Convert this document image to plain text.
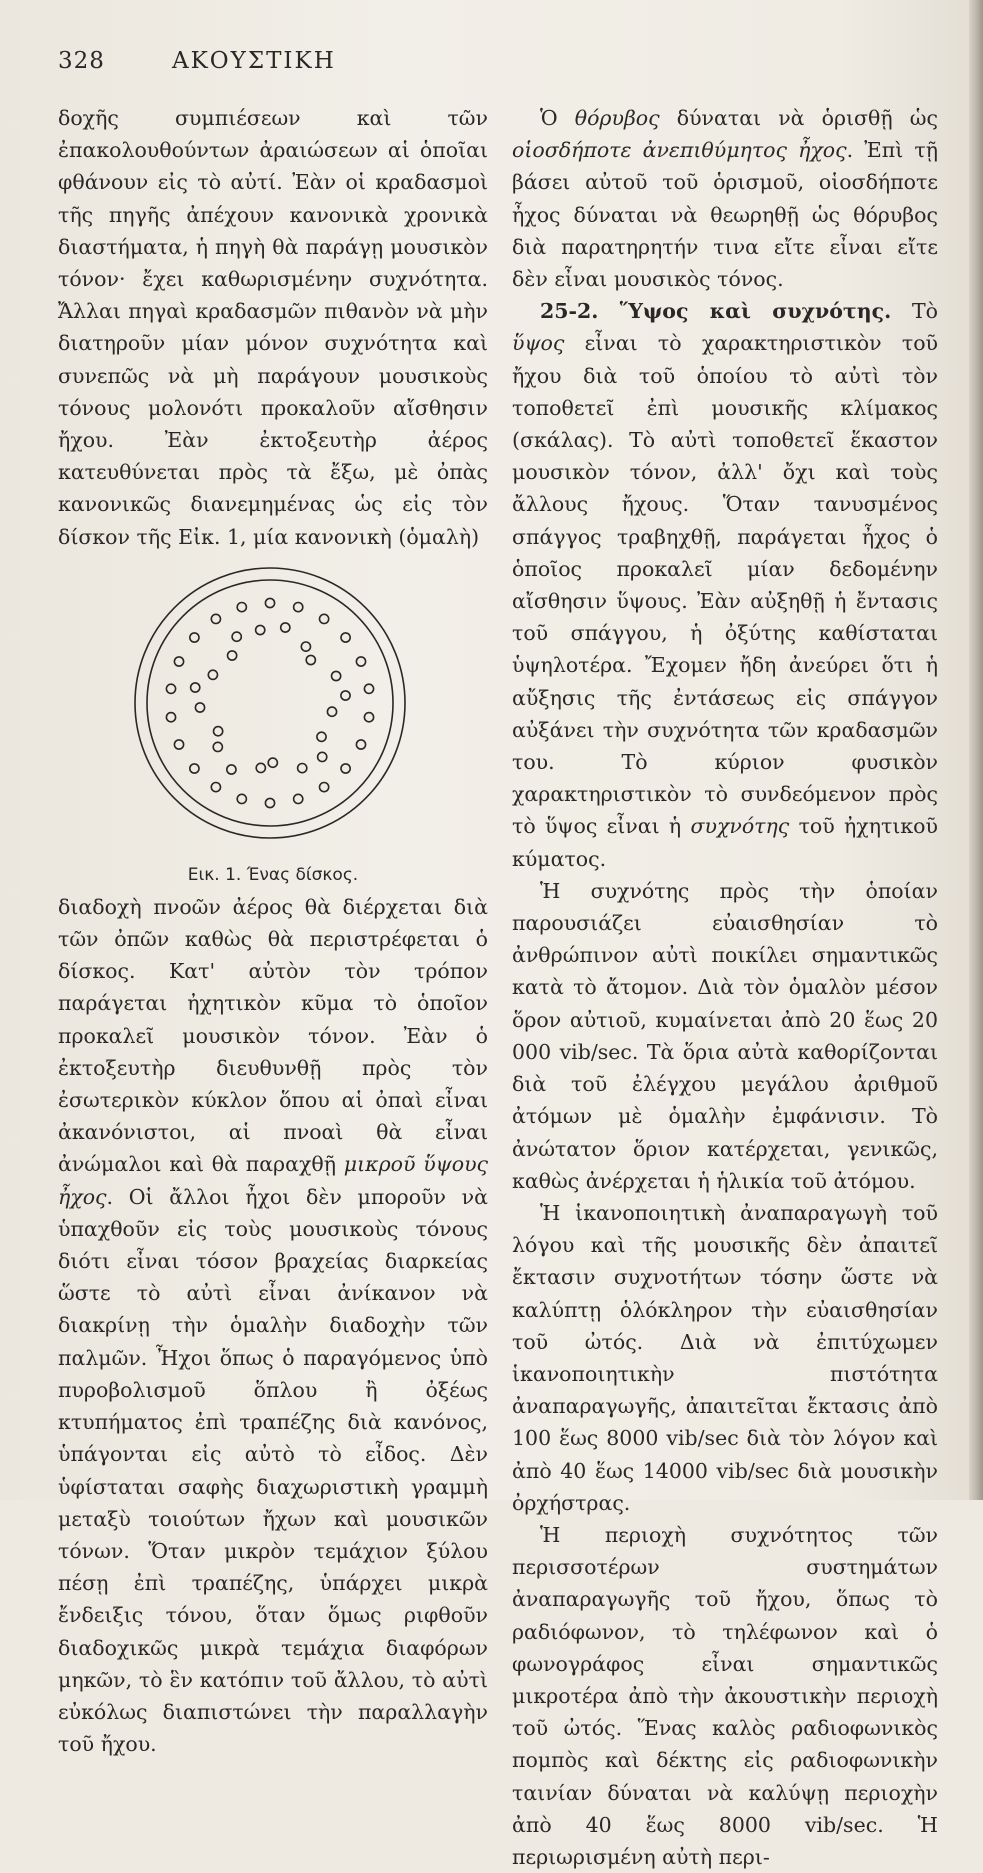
328	ΑΚΟΥΣΤΙΚΗ

δοχῆς συμπιέσεων καὶ τῶν ἐπακολουθούντων ἀραιώσεων αἱ ὁποῖαι φθάνουν εἰς τὸ αὐτί. Ἐὰν οἱ κραδασμοὶ τῆς πηγῆς ἀπέχουν κανονικὰ χρονικὰ διαστήματα, ἡ πηγὴ θὰ παράγῃ μουσικὸν τόνον· ἔχει καθωρισμένην συχνότητα. Ἄλλαι πηγαὶ κραδασμῶν πιθανὸν νὰ μὴν διατηροῦν μίαν μόνον συχνότητα καὶ συνεπῶς νὰ μὴ παράγουν μουσικοὺς τόνους μολονότι προκαλοῦν αἴσθησιν ἤχου. Ἐὰν ἐκτοξευτὴρ ἀέρος κατευθύνεται πρὸς τὰ ἔξω, μὲ ὀπὰς κανονικῶς διανεμημένας ὡς εἰς τὸν δίσκον τῆς Εἰκ. 1, μία κανονικὴ (ὁμαλὴ)

Εικ. 1. Ένας δίσκος.

διαδοχὴ πνοῶν ἀέρος θὰ διέρχεται διὰ τῶν ὀπῶν καθὼς θὰ περιστρέφεται ὁ δίσκος. Κατ' αὐτὸν τὸν τρόπον παράγεται ἠχητικὸν κῦμα τὸ ὁποῖον προκαλεῖ μουσικὸν τόνον. Ἐὰν ὁ ἐκτοξευτὴρ διευθυνθῇ πρὸς τὸν ἐσωτερικὸν κύκλον ὅπου αἱ ὀπαὶ εἶναι ἀκανόνιστοι, αἱ πνοαὶ θὰ εἶναι ἀνώμαλοι καὶ θὰ παραχθῇ μικροῦ ὕψους ἦχος. Οἱ ἄλλοι ἦχοι δὲν μποροῦν νὰ ὑπαχθοῦν εἰς τοὺς μουσικοὺς τόνους διότι εἶναι τόσον βραχείας διαρκείας ὥστε τὸ αὐτὶ εἶναι ἀνίκανον νὰ διακρίνῃ τὴν ὁμαλὴν διαδοχὴν τῶν παλμῶν. Ἦχοι ὅπως ὁ παραγόμενος ὑπὸ πυροβολισμοῦ ὅπλου ἢ ὀξέως κτυπήματος ἐπὶ τραπέζης διὰ κανόνος, ὑπάγονται εἰς αὐτὸ τὸ εἶδος. Δὲν ὑφίσταται σαφὴς διαχωριστικὴ γραμμὴ μεταξὺ τοιούτων ἤχων καὶ μουσικῶν τόνων. Ὅταν μικρὸν τεμάχιον ξύλου πέσῃ ἐπὶ τραπέζης, ὑπάρχει μικρὰ ἔνδειξις τόνου, ὅταν ὅμως ριφθοῦν διαδοχικῶς μικρὰ τεμάχια διαφόρων μηκῶν, τὸ ἓν κατόπιν τοῦ ἄλλου, τὸ αὐτὶ εὐκόλως διαπιστώνει τὴν παραλλαγὴν τοῦ ἤχου.

Ὁ θόρυβος δύναται νὰ ὁρισθῇ ὡς οἱοσδήποτε ἀνεπιθύμητος ἦχος. Ἐπὶ τῇ βάσει αὐτοῦ τοῦ ὁρισμοῦ, οἱοσδήποτε ἦχος δύναται νὰ θεωρηθῇ ὡς θόρυβος διὰ παρατηρητήν τινα εἴτε εἶναι εἴτε δὲν εἶναι μουσικὸς τόνος.

25-2. Ὕψος καὶ συχνότης. Τὸ ὕψος εἶναι τὸ χαρακτηριστικὸν τοῦ ἤχου διὰ τοῦ ὁποίου τὸ αὐτὶ τὸν τοποθετεῖ ἐπὶ μουσικῆς κλίμακος (σκάλας). Τὸ αὐτὶ τοποθετεῖ ἕκαστον μουσικὸν τόνον, ἀλλ' ὄχι καὶ τοὺς ἄλλους ἤχους. Ὅταν τανυσμένος σπάγγος τραβηχθῇ, παράγεται ἦχος ὁ ὁποῖος προκαλεῖ μίαν δεδομένην αἴσθησιν ὕψους. Ἐὰν αὐξηθῇ ἡ ἔντασις τοῦ σπάγγου, ἡ ὀξύτης καθίσταται ὑψηλοτέρα. Ἔχομεν ἤδη ἀνεύρει ὅτι ἡ αὔξησις τῆς ἐντάσεως εἰς σπάγγον αὐξάνει τὴν συχνότητα τῶν κραδασμῶν του. Τὸ κύριον φυσικὸν χαρακτηριστικὸν τὸ συνδεόμενον πρὸς τὸ ὕψος εἶναι ἡ συχνότης τοῦ ἠχητικοῦ κύματος.

Ἡ συχνότης πρὸς τὴν ὁποίαν παρουσιάζει εὐαισθησίαν τὸ ἀνθρώπινον αὐτὶ ποικίλει σημαντικῶς κατὰ τὸ ἄτομον. Διὰ τὸν ὁμαλὸν μέσον ὅρον αὐτιοῦ, κυμαίνεται ἀπὸ 20 ἕως 20 000 vib/sec. Τὰ ὅρια αὐτὰ καθορίζονται διὰ τοῦ ἐλέγχου μεγάλου ἀριθμοῦ ἀτόμων μὲ ὁμαλὴν ἐμφάνισιν. Τὸ ἀνώτατον ὅριον κατέρχεται, γενικῶς, καθὼς ἀνέρχεται ἡ ἡλικία τοῦ ἀτόμου.

Ἡ ἱκανοποιητικὴ ἀναπαραγωγὴ τοῦ λόγου καὶ τῆς μουσικῆς δὲν ἀπαιτεῖ ἔκτασιν συχνοτήτων τόσην ὥστε νὰ καλύπτῃ ὁλόκληρον τὴν εὐαισθησίαν τοῦ ὠτός. Διὰ νὰ ἐπιτύχωμεν ἱκανοποιητικὴν πιστότητα ἀναπαραγωγῆς, ἀπαιτεῖται ἔκτασις ἀπὸ 100 ἕως 8000 vib/sec διὰ τὸν λόγον καὶ ἀπὸ 40 ἕως 14000 vib/sec διὰ μουσικὴν ὀρχήστρας.

Ἡ περιοχὴ συχνότητος τῶν περισσοτέρων συστημάτων ἀναπαραγωγῆς τοῦ ἤχου, ὅπως τὸ ραδιόφωνον, τὸ τηλέφωνον καὶ ὁ φωνογράφος εἶναι σημαντικῶς μικροτέρα ἀπὸ τὴν ἀκουστικὴν περιοχὴ τοῦ ὠτός. Ἕνας καλὸς ραδιοφωνικὸς πομπὸς καὶ δέκτης εἰς ραδιοφωνικὴν ταινίαν δύναται νὰ καλύψῃ περιοχὴν ἀπὸ 40 ἕως 8000 vib/sec. Ἡ περιωρισμένη αὐτὴ περι-
